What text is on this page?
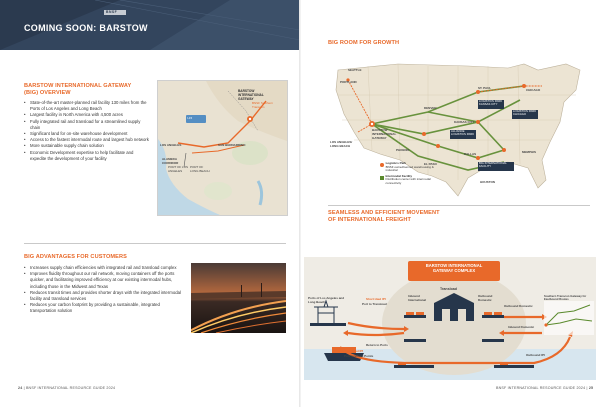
BNSF
COMING SOON: BARSTOW
BARSTOW INTERNATIONAL GATEWAY
(BIG) OVERVIEW
• State-of-the-art master-planned rail facility 130 miles from the Ports of Los Angeles and Long Beach
• Largest facility in North America with 4,500 acres
• Fully integrated rail and transload for a streamlined supply chain
• Significant land for on-site warehouse development
• Access to the fastest intermodal route and largest hub network
• More sustainable supply chain solution
• Economic Development expertise to help facilitate and expedite the development of your facility
BARSTOW INTERNATIONAL GATEWAY
BNSF Southern Transcon
I-15
LOS ANGELES	SAN BERNARDINO
ALAMEDA CORRIDOR
PORT OF LOS ANGELES
PORT OF LONG BEACH
BIG ADVANTAGES FOR CUSTOMERS
• Increases supply chain efficiencies with integrated rail and transload complex
• Improves fluidity throughout our rail network, moving containers off the ports quicker, and facilitating improved efficiency at our existing intermodal hubs, including those in the Midwest and Texas
• Reduces transit times and provides shorter drays with the integrated intermodal facility and transload services
• Reduces your carbon footprint by providing a sustainable, integrated transportation solution
24 | BNSF INTERNATIONAL RESOURCE GUIDE 2024
BIG ROOM FOR GROWTH
ST. PAUL	CHICAGO
KANSAS CITY
MEMPHIS
DALLAS
HOUSTON
EL PASO
PHOENIX
DENVER
SEATTLE
PORTLAND
BARSTOW INTERNATIONAL GATEWAY
LOS ANGELES/ LONG BEACH
LOGISTICS PARK KANSAS CITY
LOGISTICS PARK CHICAGO
ALLIANCE LOGISTICS PARK
BIG INTERNATIONAL FACILITY
Logistics Park
BNSF owned/served warehousing & industrial
Intermodal Facility
Distribution center with intermodal connectivity
SEAMLESS AND EFFICIENT MOVEMENT
OF INTERNATIONAL FREIGHT
BARSTOW INTERNATIONAL
GATEWAY COMPLEX
Ports of Los Angeles and Long Beach
Short Haul IPI
Port to Transload
Return to Ports
Inbound International
Transload
Outbound Domestic
Outbound Domestic
Inbound Domestic
Southern Transcon Gateway for Eastbound Routes
Long Haul IPI
Port to Inland Points	Outbound IPI
BNSF INTERNATIONAL RESOURCE GUIDE 2024 | 25
